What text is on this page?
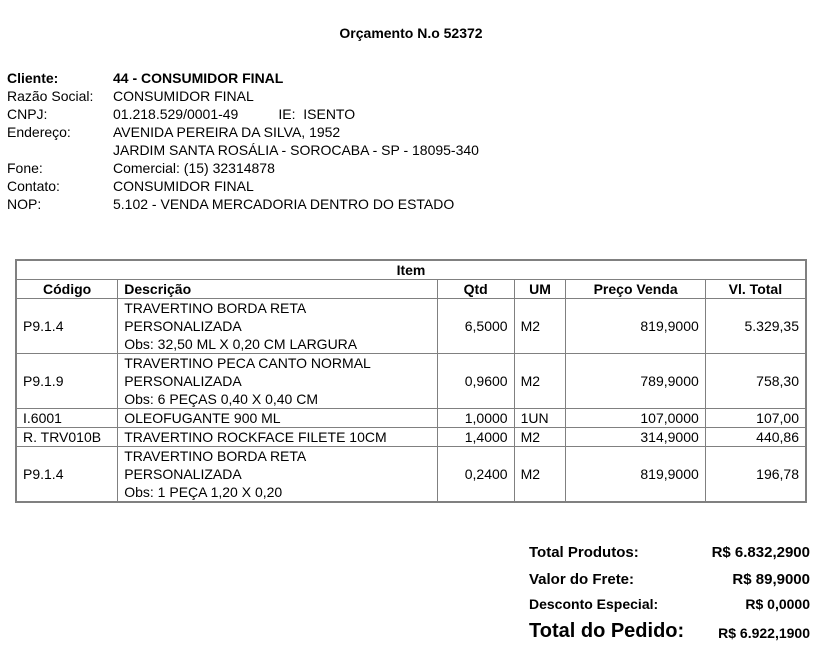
Orçamento N.o 52372
Cliente:	44 - CONSUMIDOR FINAL
Razão Social:	CONSUMIDOR FINAL
CNPJ:	01.218.529/0001-49 IE: ISENTO
Endereço:	AVENIDA PEREIRA DA SILVA, 1952
	JARDIM SANTA ROSÁLIA - SOROCABA - SP - 18095-340
Fone:	Comercial: (15) 32314878
Contato:	CONSUMIDOR FINAL
NOP:	5.102 - VENDA MERCADORIA DENTRO DO ESTADO
Item					
Código	Descrição	Qtd	UM	Preço Venda	Vl. Total
P9.1.4	TRAVERTINO BORDA RETA
PERSONALIZADA
Obs: 32,50 ML X 0,20 CM LARGURA	6,5000	M2	819,9000	5.329,35
P9.1.9	TRAVERTINO PECA CANTO NORMAL
PERSONALIZADA
Obs: 6 PEÇAS 0,40 X 0,40 CM	0,9600	M2	789,9000	758,30
I.6001	OLEOFUGANTE 900 ML	1,0000	1UN	107,0000	107,00
R. TRV010B	TRAVERTINO ROCKFACE FILETE 10CM	1,4000	M2	314,9000	440,86
P9.1.4	TRAVERTINO BORDA RETA
PERSONALIZADA
Obs: 1 PEÇA 1,20 X 0,20	0,2400	M2	819,9000	196,78
Total Produtos:	R$ 6.832,2900
Valor do Frete:	R$ 89,9000
Desconto Especial:	R$ 0,0000
Total do Pedido: R$ 6.922,1900
